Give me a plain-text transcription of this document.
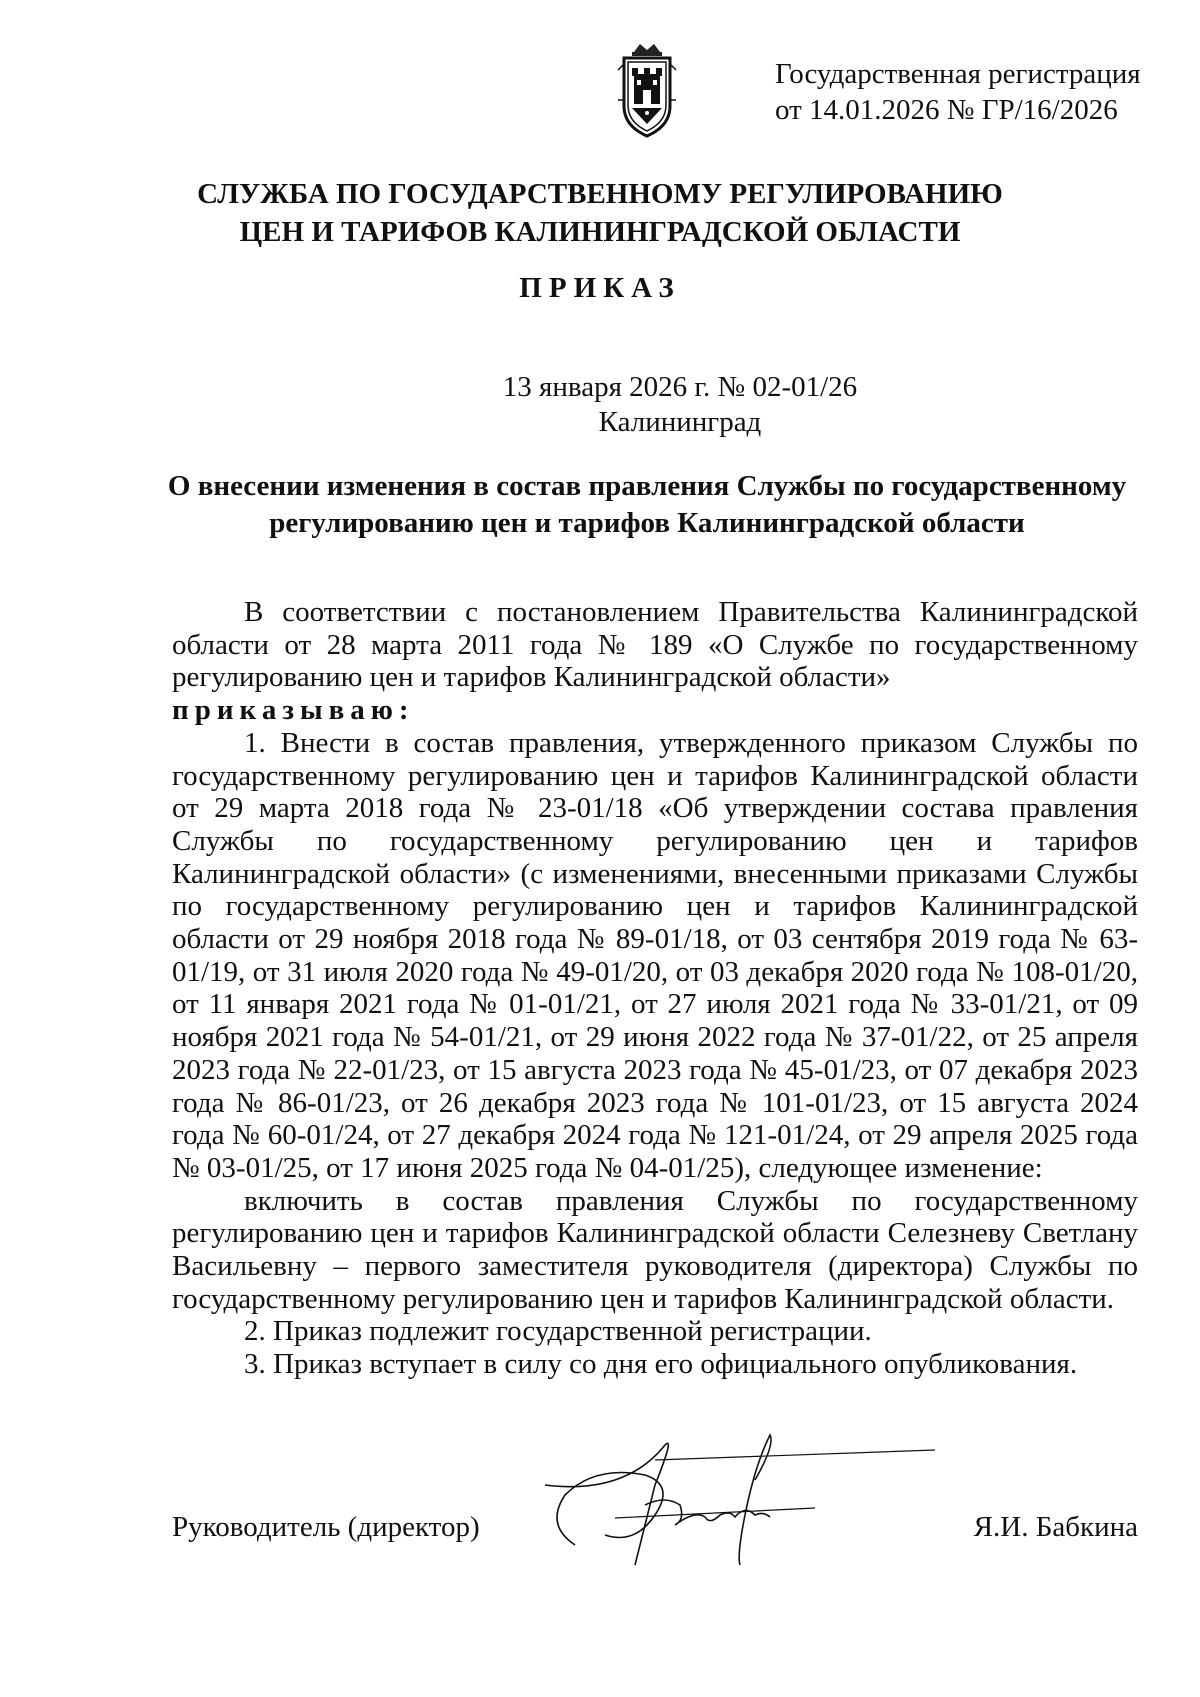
Государственная регистрация
от 14.01.2026 № ГР/16/2026
СЛУЖБА ПО ГОСУДАРСТВЕННОМУ РЕГУЛИРОВАНИЮ
ЦЕН И ТАРИФОВ КАЛИНИНГРАДСКОЙ ОБЛАСТИ
ПРИКАЗ
13 января 2026 г. № 02-01/26
Калининград
О внесении изменения в состав правления Службы по государственному
регулированию цен и тарифов Калининградской области

В соответствии с постановлением Правительства Калининградской области от 28 марта 2011 года № 189 «О Службе по государственному регулированию цен и тарифов Калининградской области»

приказываю:

1. Внести в состав правления, утвержденного приказом Службы по государственному регулированию цен и тарифов Калининградской области от 29 марта 2018 года № 23-01/18 «Об утверждении состава правления Службы по государственному регулированию цен и тарифов Калининградской области» (с изменениями, внесенными приказами Службы по государственному регулированию цен и тарифов Калининградской области от 29 ноября 2018 года № 89-01/18, от 03 сентября 2019 года № 63-01/19, от 31 июля 2020 года № 49-01/20, от 03 декабря 2020 года № 108-01/20, от 11 января 2021 года № 01-01/21, от 27 июля 2021 года № 33-01/21, от 09 ноября 2021 года № 54-01/21, от 29 июня 2022 года № 37-01/22, от 25 апреля 2023 года № 22-01/23, от 15 августа 2023 года № 45-01/23, от 07 декабря 2023 года № 86-01/23, от 26 декабря 2023 года № 101-01/23, от 15 августа 2024 года № 60-01/24, от 27 декабря 2024 года № 121-01/24, от 29 апреля 2025 года № 03-01/25, от 17 июня 2025 года № 04-01/25), следующее изменение:

включить в состав правления Службы по государственному регулированию цен и тарифов Калининградской области Селезневу Светлану Васильевну – первого заместителя руководителя (директора) Службы по государственному регулированию цен и тарифов Калининградской области.

2. Приказ подлежит государственной регистрации.

3. Приказ вступает в силу со дня его официального опубликования.

Руководитель (директор)	Я.И. Бабкина
